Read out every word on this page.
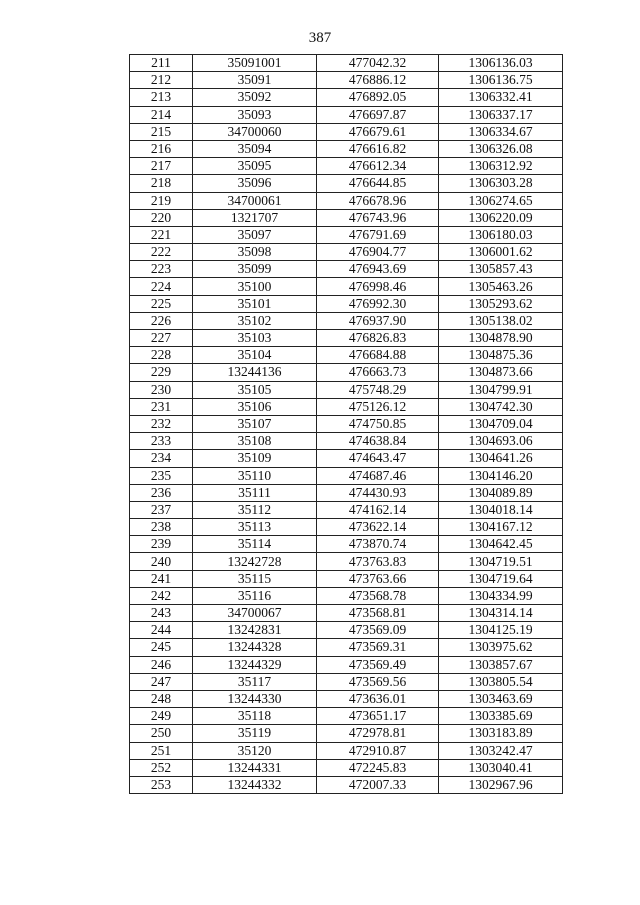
387
211	35091001	477042.32	1306136.03
212	35091	476886.12	1306136.75
213	35092	476892.05	1306332.41
214	35093	476697.87	1306337.17
215	34700060	476679.61	1306334.67
216	35094	476616.82	1306326.08
217	35095	476612.34	1306312.92
218	35096	476644.85	1306303.28
219	34700061	476678.96	1306274.65
220	1321707	476743.96	1306220.09
221	35097	476791.69	1306180.03
222	35098	476904.77	1306001.62
223	35099	476943.69	1305857.43
224	35100	476998.46	1305463.26
225	35101	476992.30	1305293.62
226	35102	476937.90	1305138.02
227	35103	476826.83	1304878.90
228	35104	476684.88	1304875.36
229	13244136	476663.73	1304873.66
230	35105	475748.29	1304799.91
231	35106	475126.12	1304742.30
232	35107	474750.85	1304709.04
233	35108	474638.84	1304693.06
234	35109	474643.47	1304641.26
235	35110	474687.46	1304146.20
236	35111	474430.93	1304089.89
237	35112	474162.14	1304018.14
238	35113	473622.14	1304167.12
239	35114	473870.74	1304642.45
240	13242728	473763.83	1304719.51
241	35115	473763.66	1304719.64
242	35116	473568.78	1304334.99
243	34700067	473568.81	1304314.14
244	13242831	473569.09	1304125.19
245	13244328	473569.31	1303975.62
246	13244329	473569.49	1303857.67
247	35117	473569.56	1303805.54
248	13244330	473636.01	1303463.69
249	35118	473651.17	1303385.69
250	35119	472978.81	1303183.89
251	35120	472910.87	1303242.47
252	13244331	472245.83	1303040.41
253	13244332	472007.33	1302967.96
